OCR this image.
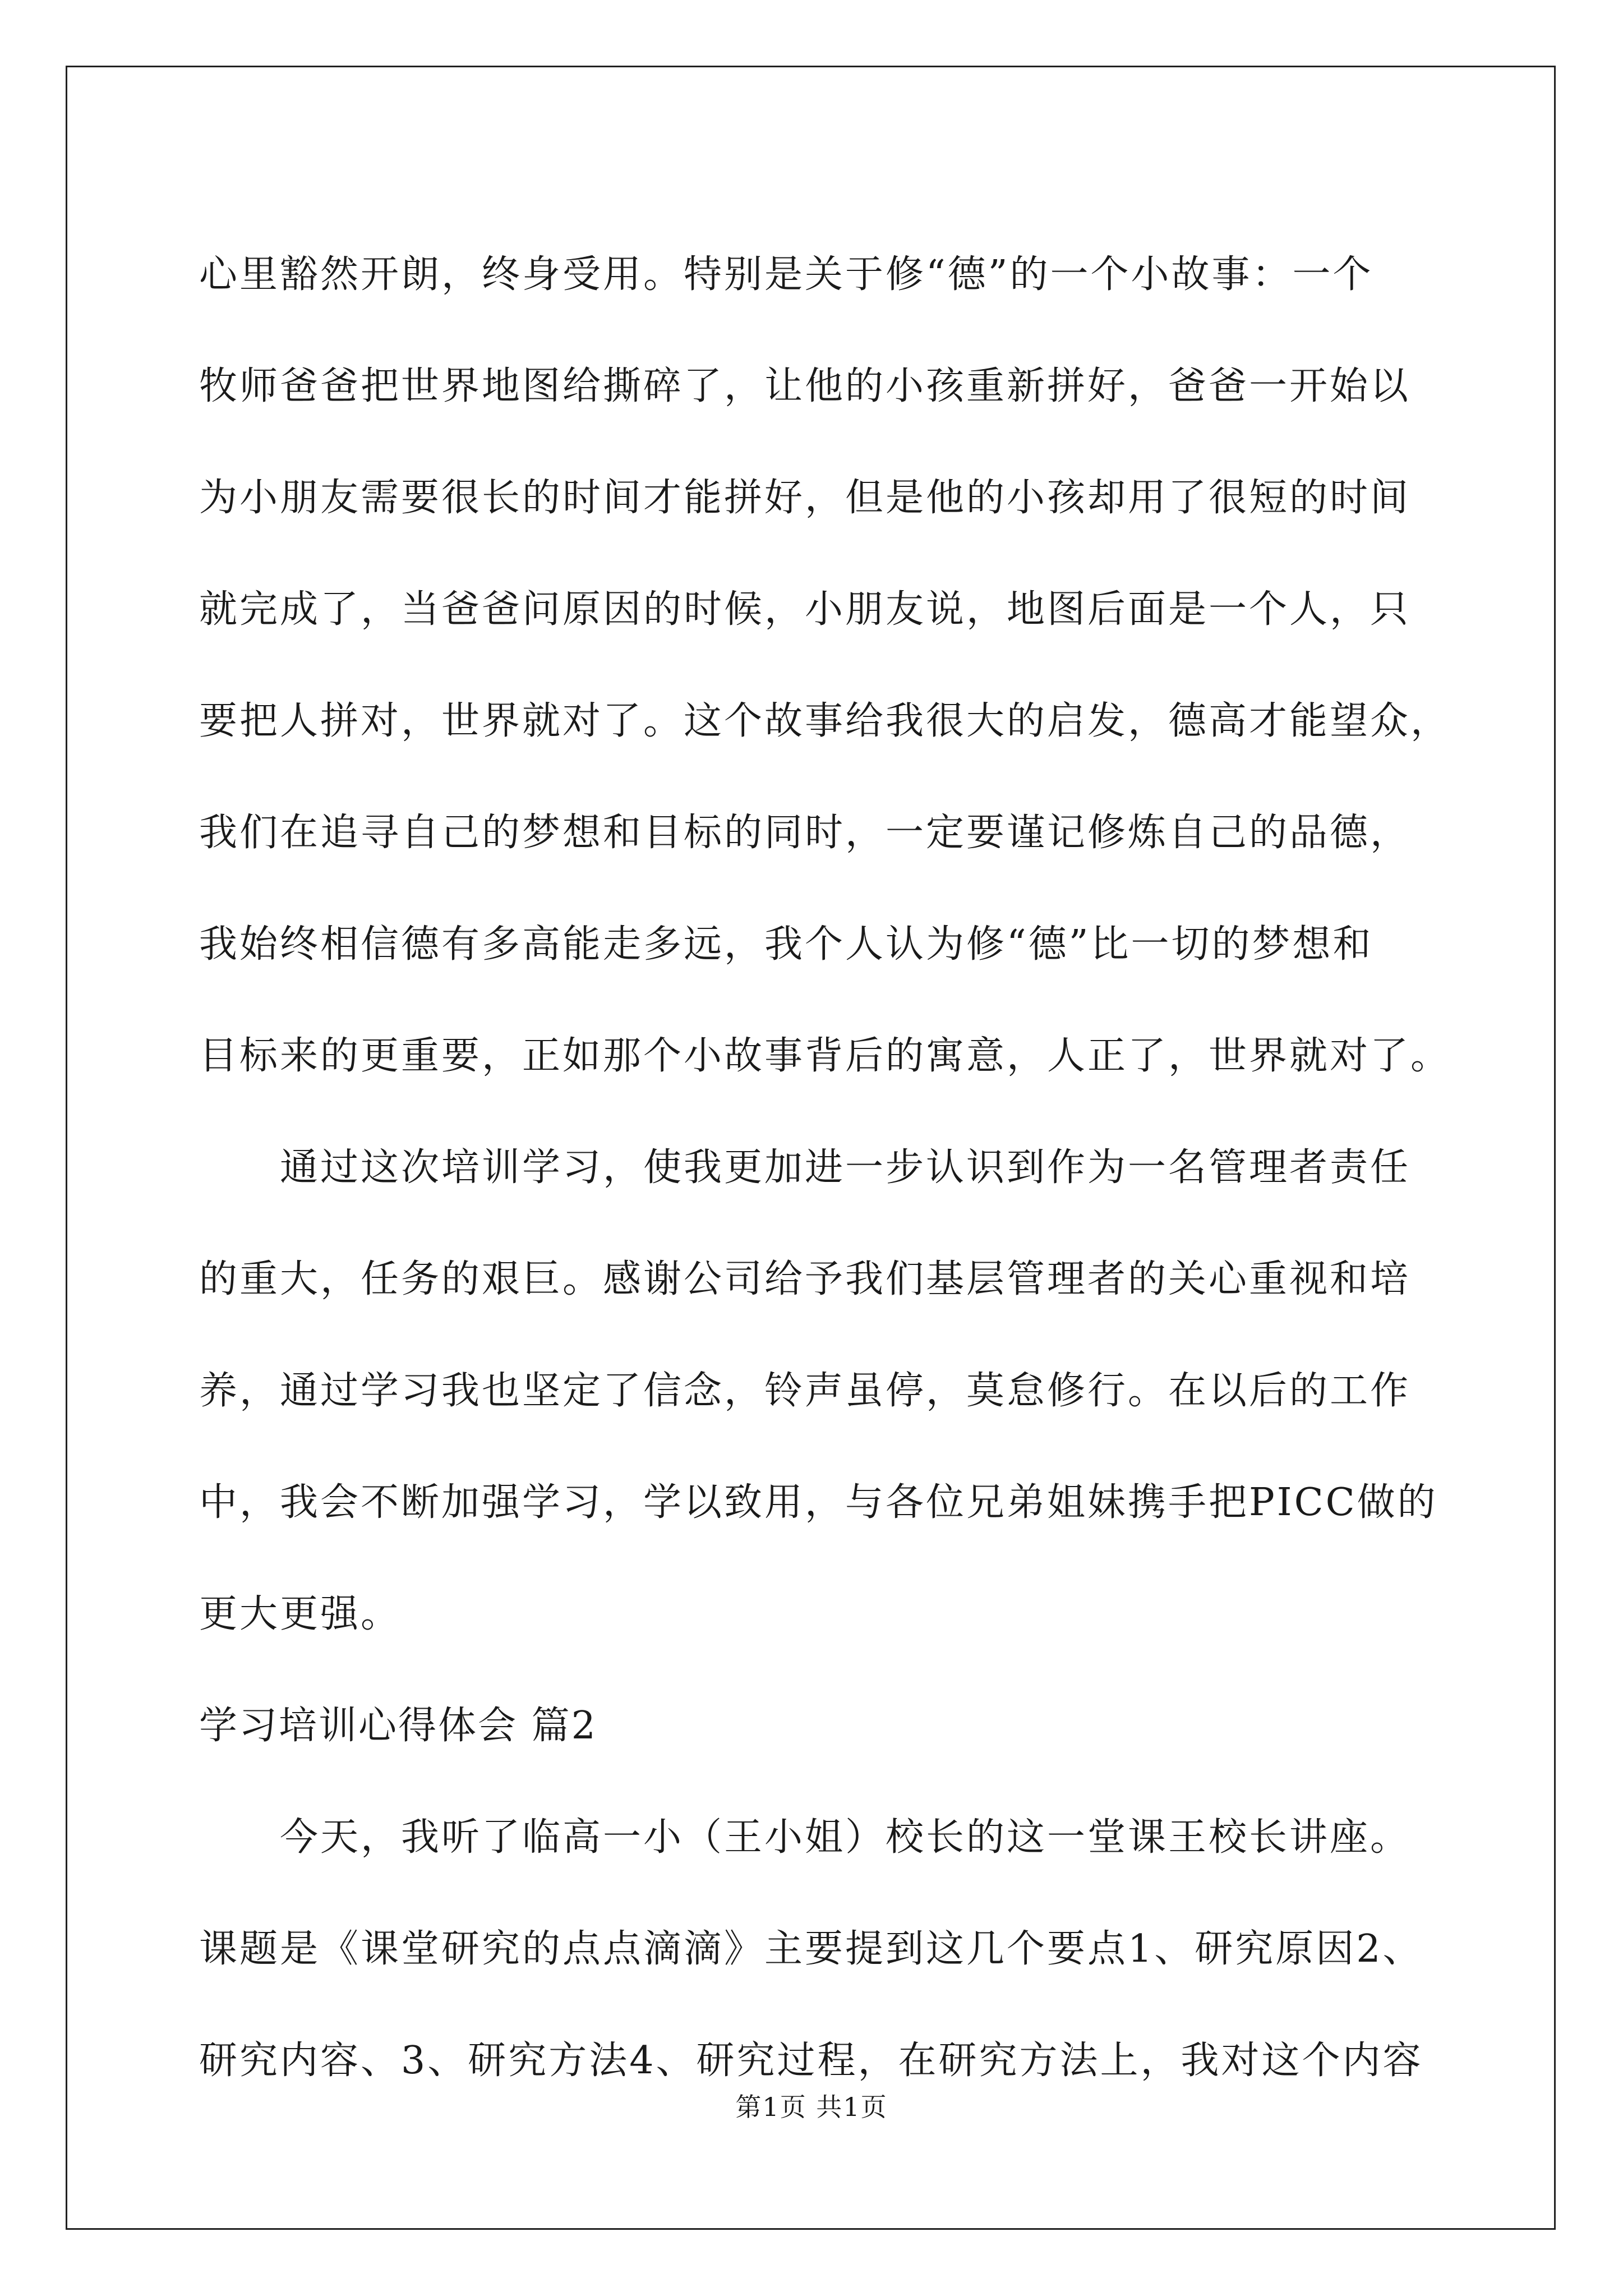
心里豁然开朗，终身受用。特别是关于修“德”的一个小故事：一个
牧师爸爸把世界地图给撕碎了，让他的小孩重新拼好，爸爸一开始以
为小朋友需要很长的时间才能拼好，但是他的小孩却用了很短的时间
就完成了，当爸爸问原因的时候，小朋友说，地图后面是一个人，只
要把人拼对，世界就对了。这个故事给我很大的启发，德高才能望众，
我们在追寻自己的梦想和目标的同时，一定要谨记修炼自己的品德，
我始终相信德有多高能走多远，我个人认为修“德”比一切的梦想和
目标来的更重要，正如那个小故事背后的寓意，人正了，世界就对了。
通过这次培训学习，使我更加进一步认识到作为一名管理者责任
的重大，任务的艰巨。感谢公司给予我们基层管理者的关心重视和培
养，通过学习我也坚定了信念，铃声虽停，莫怠修行。在以后的工作
中，我会不断加强学习，学以致用，与各位兄弟姐妹携手把PICC做的
更大更强。
学习培训心得体会 篇2
今天，我听了临高一小（王小姐）校长的这一堂课王校长讲座。
课题是《课堂研究的点点滴滴》主要提到这几个要点1、研究原因2、
研究内容、3、研究方法4、研究过程，在研究方法上，我对这个内容
第1页 共1页
